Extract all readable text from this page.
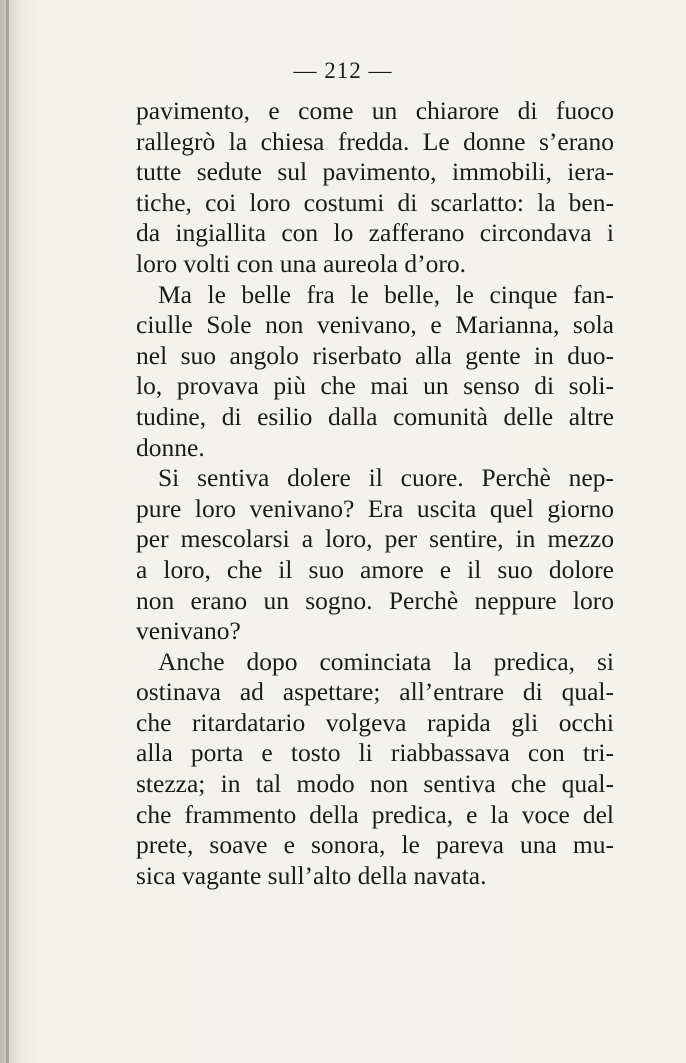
— 212 —
pavimento, e come un chiarore di fuoco
rallegrò la chiesa fredda. Le donne s’erano
tutte sedute sul pavimento, immobili, iera-
tiche, coi loro costumi di scarlatto: la ben-
da ingiallita con lo zafferano circondava i
loro volti con una aureola d’oro.
Ma le belle fra le belle, le cinque fan-
ciulle Sole non venivano, e Marianna, sola
nel suo angolo riserbato alla gente in duo-
lo, provava più che mai un senso di soli-
tudine, di esilio dalla comunità delle altre
donne.
Si sentiva dolere il cuore. Perchè nep-
pure loro venivano? Era uscita quel giorno
per mescolarsi a loro, per sentire, in mezzo
a loro, che il suo amore e il suo dolore
non erano un sogno. Perchè neppure loro
venivano?
Anche dopo cominciata la predica, si
ostinava ad aspettare; all’entrare di qual-
che ritardatario volgeva rapida gli occhi
alla porta e tosto li riabbassava con tri-
stezza; in tal modo non sentiva che qual-
che frammento della predica, e la voce del
prete, soave e sonora, le pareva una mu-
sica vagante sull’alto della navata.
